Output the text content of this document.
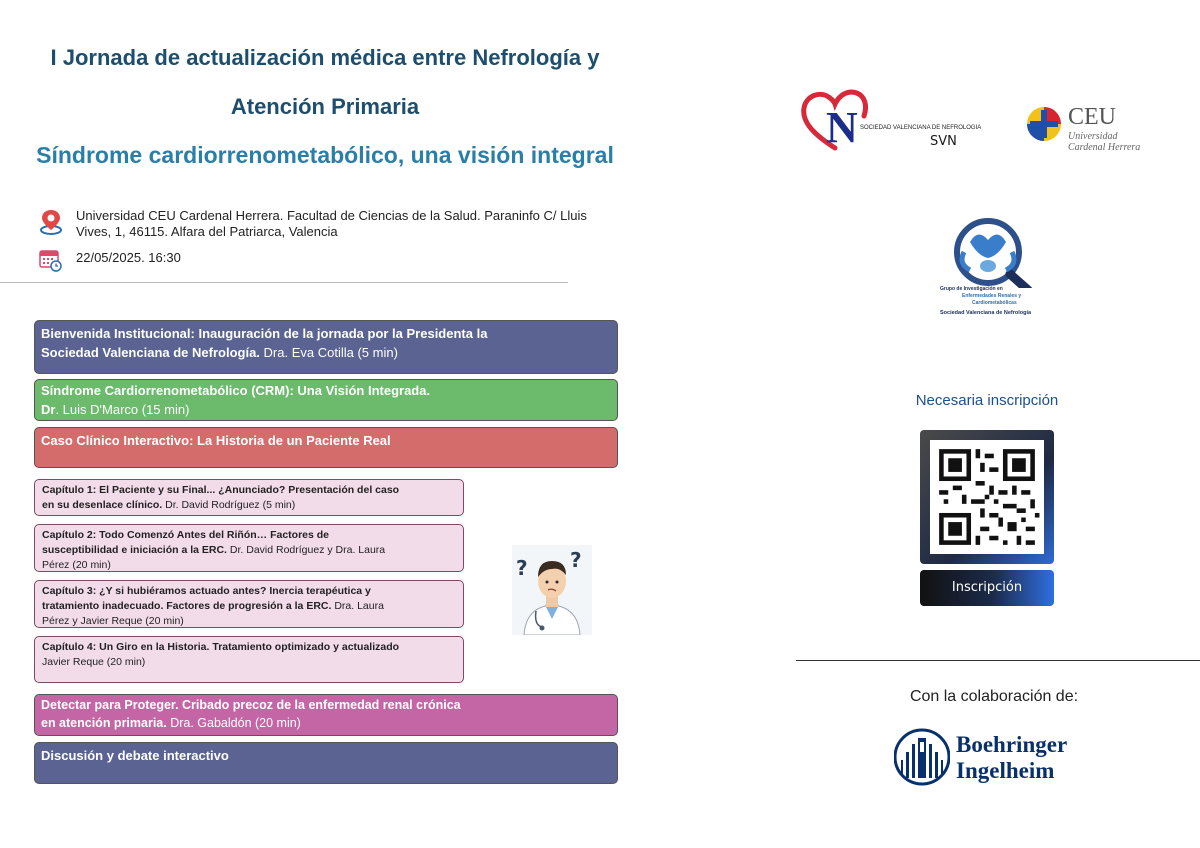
I Jornada de actualización médica entre Nefrología y
Atención Primaria
Síndrome cardiorrenometabólico, una visión integral
Universidad CEU Cardenal Herrera. Facultad de Ciencias de la Salud. Paraninfo C/ Lluis
Vives, 1, 46115. Alfara del Patriarca, Valencia
22/05/2025. 16:30
Bienvenida Institucional: Inauguración de la jornada por la Presidenta la
Sociedad Valenciana de Nefrología. Dra. Eva Cotilla (5 min)
Síndrome Cardiorrenometabólico (CRM): Una Visión Integrada.
Dr. Luis D'Marco (15 min)
Caso Clínico Interactivo: La Historia de un Paciente Real
Capítulo 1: El Paciente y su Final... ¿Anunciado? Presentación del caso
en su desenlace clínico. Dr. David Rodríguez (5 min)
Capítulo 2: Todo Comenzó Antes del Riñón… Factores de
susceptibilidad e iniciación a la ERC. Dr. David Rodríguez y Dra. Laura
Pérez (20 min)
Capítulo 3: ¿Y si hubiéramos actuado antes? Inercia terapéutica y
tratamiento inadecuado. Factores de progresión a la ERC. Dra. Laura
Pérez y Javier Reque (20 min)
Capítulo 4: Un Giro en la Historia. Tratamiento optimizado y actualizado
Javier Reque (20 min)
? ?
Detectar para Proteger. Cribado precoz de la enfermedad renal crónica
en atención primaria. Dra. Gabaldón (20 min)
Discusión y debate interactivo
N SOCIEDAD VALENCIANA DE NEFROLOGIA
SVN
CEU
Universidad
Cardenal Herrera
Grupo de Investigación en
Enfermedades Renales y
Cardiometabólicas
Sociedad Valenciana de Nefrología
Necesaria inscripción
Inscripción
Con la colaboración de:
Boehringer
Ingelheim
